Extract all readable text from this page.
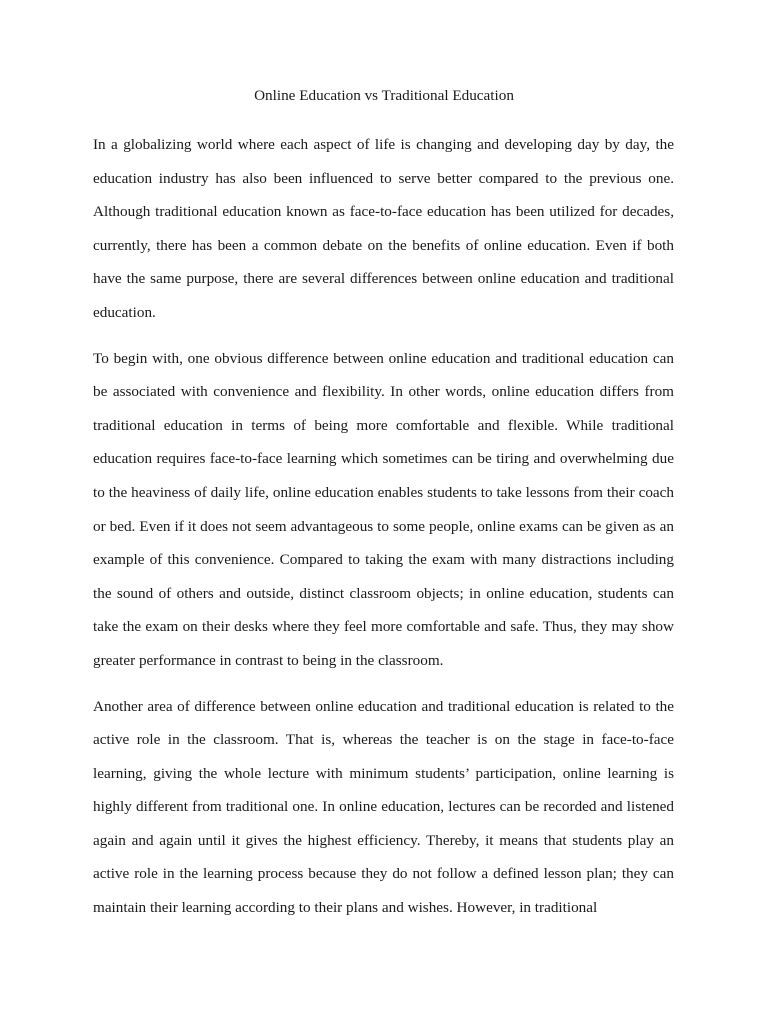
Online Education vs Traditional Education

In a globalizing world where each aspect of life is changing and developing day by day, the education industry has also been influenced to serve better compared to the previous one. Although traditional education known as face-to-face education has been utilized for decades, currently, there has been a common debate on the benefits of online education. Even if both have the same purpose, there are several differences between online education and traditional education.

To begin with, one obvious difference between online education and traditional education can be associated with convenience and flexibility. In other words, online education differs from traditional education in terms of being more comfortable and flexible. While traditional education requires face-to-face learning which sometimes can be tiring and overwhelming due to the heaviness of daily life, online education enables students to take lessons from their coach or bed. Even if it does not seem advantageous to some people, online exams can be given as an example of this convenience. Compared to taking the exam with many distractions including the sound of others and outside, distinct classroom objects; in online education, students can take the exam on their desks where they feel more comfortable and safe. Thus, they may show greater performance in contrast to being in the classroom.

Another area of difference between online education and traditional education is related to the active role in the classroom. That is, whereas the teacher is on the stage in face-to-face learning, giving the whole lecture with minimum students’ participation, online learning is highly different from traditional one. In online education, lectures can be recorded and listened again and again until it gives the highest efficiency. Thereby, it means that students play an active role in the learning process because they do not follow a defined lesson plan; they can maintain their learning according to their plans and wishes. However, in traditional
